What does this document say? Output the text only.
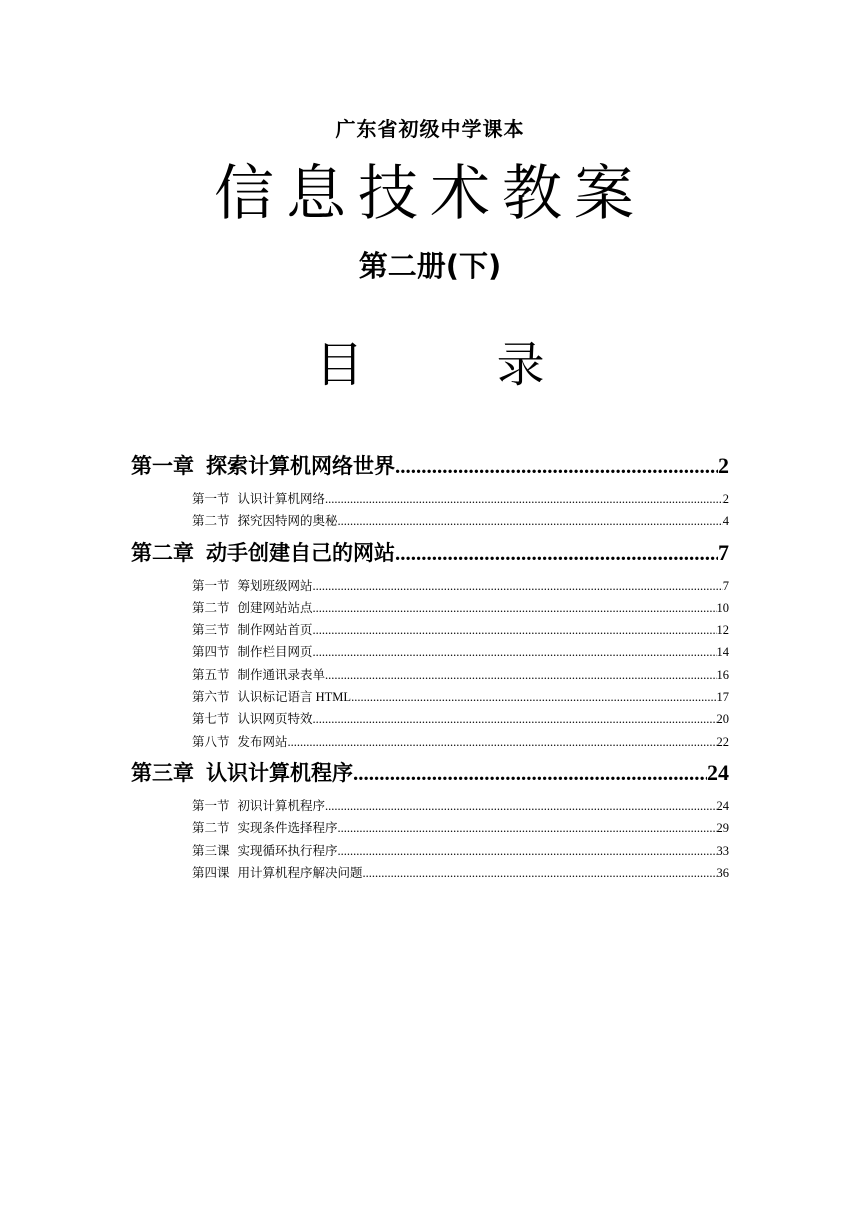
广东省初级中学课本
信息技术教案
第二册(下)
目 录
第一章 探索计算机网络世界 .....	2
第一节 认识计算机网络 .....	2
第二节 探究因特网的奥秘 .....	4
第二章 动手创建自己的网站 .....	7
第一节 筹划班级网站 .....	7
第二节 创建网站站点 .....	10
第三节 制作网站首页 .....	12
第四节 制作栏目网页 .....	14
第五节 制作通讯录表单 .....	16
第六节 认识标记语言 HTML .....	17
第七节 认识网页特效 .....	20
第八节 发布网站 .....	22
第三章 认识计算机程序 .....	24
第一节 初识计算机程序 .....	24
第二节 实现条件选择程序 .....	29
第三课 实现循环执行程序 .....	33
第四课 用计算机程序解决问题 .....	36
